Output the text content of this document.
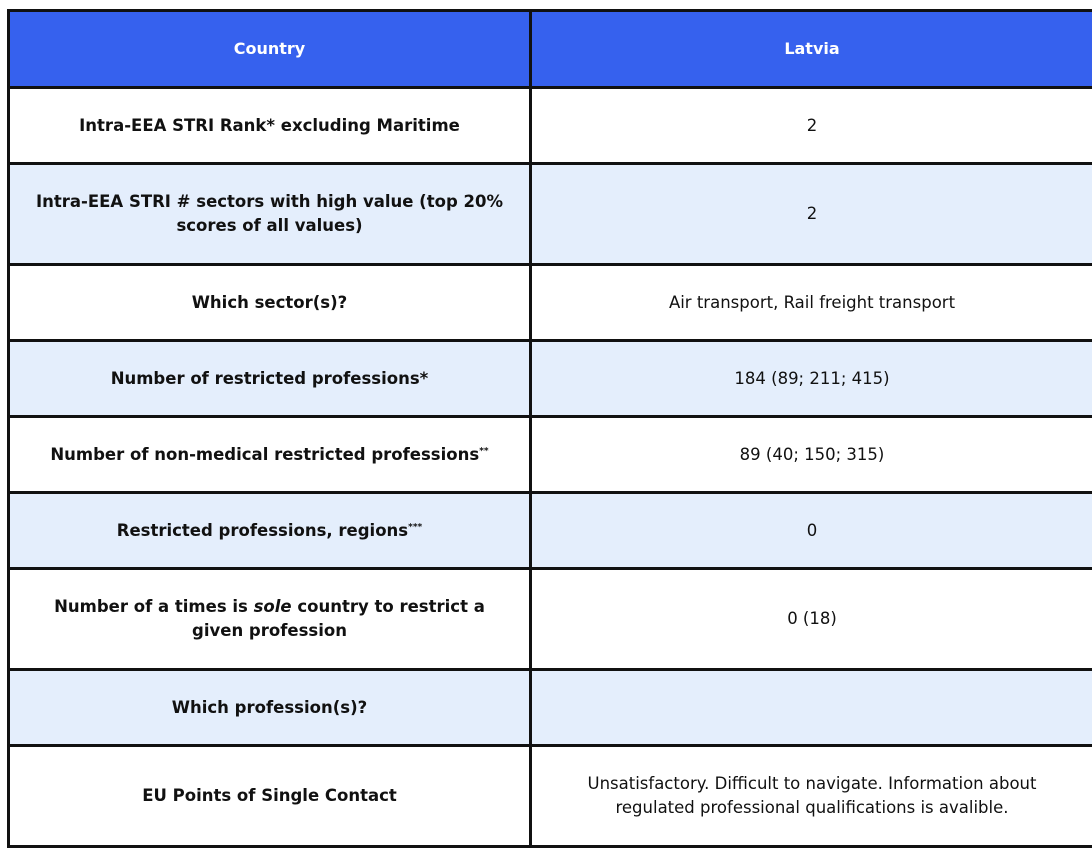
Country	Latvia
Intra-EEA STRI Rank* excluding Maritime	2
Intra-EEA STRI # sectors with high value (top 20% scores of all values)	2
Which sector(s)?	Air transport, Rail freight transport
Number of restricted professions*	184 (89; 211; 415)
Number of non-medical restricted professions**	89 (40; 150; 315)
Restricted professions, regions***	0
Number of a times is sole country to restrict a given profession	0 (18)
Which profession(s)?	
EU Points of Single Contact	Unsatisfactory. Difficult to navigate. Information about regulated professional qualifications is avalible.
